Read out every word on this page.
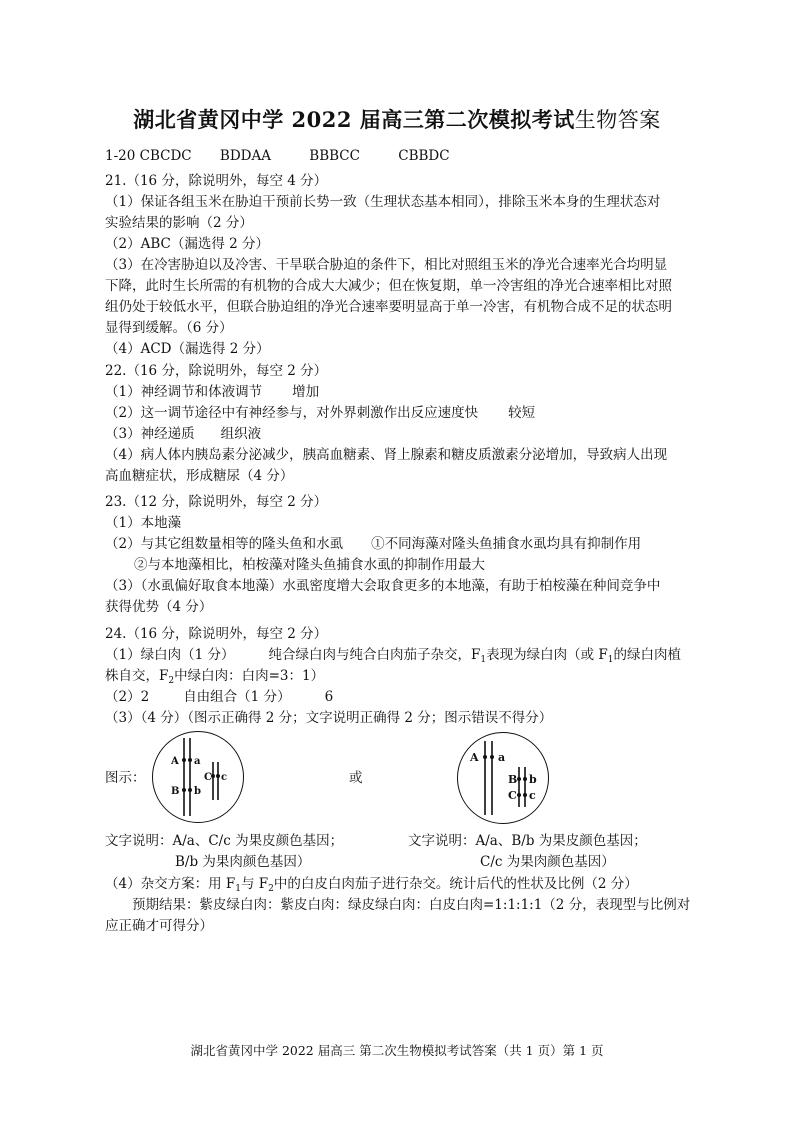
湖北省黄冈中学 2022 届高三第二次模拟考试生物答案
1-20 CBCDC BDDAA	BBBCC	CBBDC
21.（16 分，除说明外，每空 4 分）
（1）保证各组玉米在胁迫干预前长势一致（生理状态基本相同），排除玉米本身的生理状态对
实验结果的影响（2 分）
（2）ABC（漏选得 2 分）
（3）在冷害胁迫以及冷害、干旱联合胁迫的条件下，相比对照组玉米的净光合速率光合均明显
下降，此时生长所需的有机物的合成大大减少；但在恢复期，单一冷害组的净光合速率相比对照
组仍处于较低水平，但联合胁迫组的净光合速率要明显高于单一冷害，有机物合成不足的状态明
显得到缓解。（6 分）
（4）ACD（漏选得 2 分）
22.（16 分，除说明外，每空 2 分）
（1）神经调节和体液调节 增加
（2）这一调节途径中有神经参与，对外界刺激作出反应速度快 较短
（3）神经递质 组织液
（4）病人体内胰岛素分泌减少，胰高血糖素、肾上腺素和糖皮质激素分泌增加，导致病人出现
高血糖症状，形成糖尿（4 分）
23.（12 分，除说明外，每空 2 分）
（1）本地藻
（2）与其它组数量相等的隆头鱼和水虱 ①不同海藻对隆头鱼捕食水虱均具有抑制作用
②与本地藻相比，柏桉藻对隆头鱼捕食水虱的抑制作用最大
（3）（水虱偏好取食本地藻）水虱密度增大会取食更多的本地藻，有助于柏桉藻在种间竞争中
获得优势（4 分）
24.（16 分，除说明外，每空 2 分）
（1）绿白肉（1 分）	纯合绿白肉与纯合白肉茄子杂交，$F_1$表现为绿白肉（或 $F_1$的绿白肉植
株自交，$F_2$中绿白肉：白肉=3：1）
（2）2	自由组合（1 分）	6
（3）（4 分）（图示正确得 2 分；文字说明正确得 2 分；图示错误不得分）
图示：	或
A a
B b
C c
A a
B b
C c
文字说明：A/a、C/c 为果皮颜色基因；	文字说明：A/a、B/b 为果皮颜色基因；
B/b 为果肉颜色基因）	C/c 为果肉颜色基因）
（4）杂交方案：用 $F_1$与 $F_2$中的白皮白肉茄子进行杂交。统计后代的性状及比例（2 分）
预期结果：紫皮绿白肉：紫皮白肉：绿皮绿白肉：白皮白肉=1:1:1:1（2 分，表现型与比例对
应正确才可得分）
湖北省黄冈中学 2022 届高三 第二次生物模拟考试答案（共 1 页）第 1 页
